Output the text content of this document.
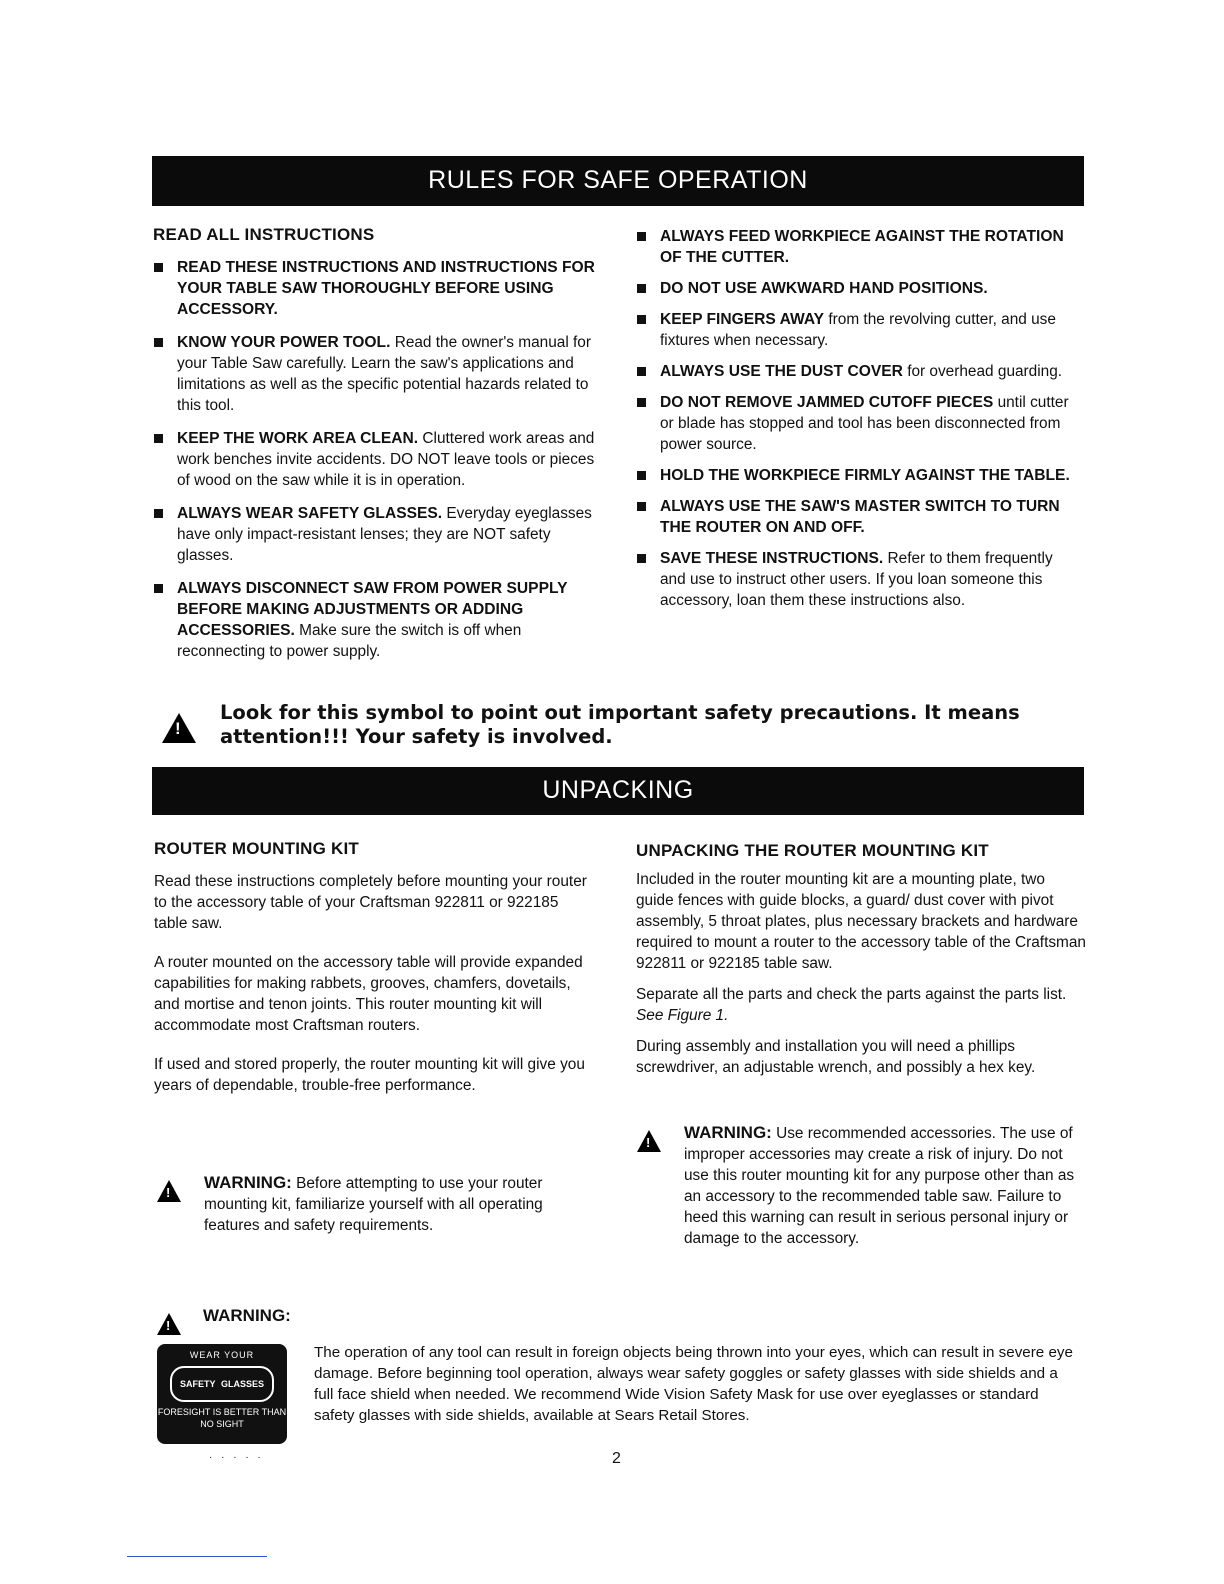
RULES FOR SAFE OPERATION
READ ALL INSTRUCTIONS
READ THESE INSTRUCTIONS AND INSTRUCTIONS FOR YOUR TABLE SAW THOROUGHLY BEFORE USING ACCESSORY.
KNOW YOUR POWER TOOL. Read the owner's manual for your Table Saw carefully. Learn the saw's applications and limitations as well as the specific potential hazards related to this tool.
KEEP THE WORK AREA CLEAN. Cluttered work areas and work benches invite accidents. DO NOT leave tools or pieces of wood on the saw while it is in operation.
ALWAYS WEAR SAFETY GLASSES. Everyday eyeglasses have only impact-resistant lenses; they are NOT safety glasses.
ALWAYS DISCONNECT SAW FROM POWER SUPPLY BEFORE MAKING ADJUSTMENTS OR ADDING ACCESSORIES. Make sure the switch is off when reconnecting to power supply.
ALWAYS FEED WORKPIECE AGAINST THE ROTATION OF THE CUTTER.
DO NOT USE AWKWARD HAND POSITIONS.
KEEP FINGERS AWAY from the revolving cutter, and use fixtures when necessary.
ALWAYS USE THE DUST COVER for overhead guarding.
DO NOT REMOVE JAMMED CUTOFF PIECES until cutter or blade has stopped and tool has been disconnected from power source.
HOLD THE WORKPIECE FIRMLY AGAINST THE TABLE.
ALWAYS USE THE SAW'S MASTER SWITCH TO TURN THE ROUTER ON AND OFF.
SAVE THESE INSTRUCTIONS. Refer to them frequently and use to instruct other users. If you loan someone this accessory, loan them these instructions also.
!
Look for this symbol to point out important safety precautions. It means attention!!! Your safety is involved.
UNPACKING
ROUTER MOUNTING KIT

Read these instructions completely before mounting your router to the accessory table of your Craftsman 922811 or 922185 table saw.

A router mounted on the accessory table will provide expanded capabilities for making rabbets, grooves, chamfers, dovetails, and mortise and tenon joints. This router mounting kit will accommodate most Craftsman routers.

If used and stored properly, the router mounting kit will give you years of dependable, trouble-free performance.

!
WARNING: Before attempting to use your router mounting kit, familiarize yourself with all operating features and safety requirements.
UNPACKING THE ROUTER MOUNTING KIT

Included in the router mounting kit are a mounting plate, two guide fences with guide blocks, a guard/ dust cover with pivot assembly, 5 throat plates, plus necessary brackets and hardware required to mount a router to the accessory table of the Craftsman 922811 or 922185 table saw.

Separate all the parts and check the parts against the parts list. See Figure 1.

During assembly and installation you will need a phillips screwdriver, an adjustable wrench, and possibly a hex key.

!
WARNING: Use recommended accessories. The use of improper accessories may create a risk of injury. Do not use this router mounting kit for any purpose other than as an accessory to the recommended table saw. Failure to heed this warning can result in serious personal injury or damage to the accessory.
!
WARNING:
WEAR YOUR
SAFETY GLASSES
FORESIGHT IS BETTER THAN NO SIGHT
The operation of any tool can result in foreign objects being thrown into your eyes, which can result in severe eye damage. Before beginning tool operation, always wear safety goggles or safety glasses with side shields and a full face shield when needed. We recommend Wide Vision Safety Mask for use over eyeglasses or standard safety glasses with side shields, available at Sears Retail Stores.
· · · · ·	2
